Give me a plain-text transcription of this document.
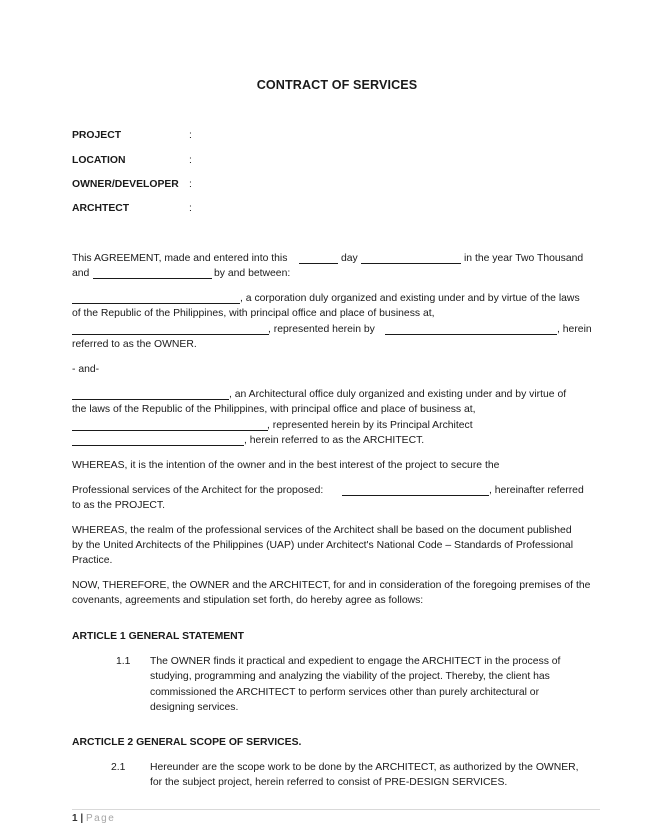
CONTRACT OF SERVICES
PROJECT	:
LOCATION	:
OWNER/DEVELOPER :
ARCHTECT	:
This AGREEMENT, made and entered into this	day	in the year Two Thousand
and	by and between:
, a corporation duly organized and existing under and by virtue of the laws
of the Republic of the Philippines, with principal office and place of business at,
, represented herein by	, herein
referred to as the OWNER.
- and-
, an Architectural office duly organized and existing under and by virtue of
the laws of the Republic of the Philippines, with principal office and place of business at,
, represented herein by its Principal Architect
, herein referred to as the ARCHITECT.
WHEREAS, it is the intention of the owner and in the best interest of the project to secure the
Professional services of the Architect for the proposed:	, hereinafter referred
to as the PROJECT.
WHEREAS, the realm of the professional services of the Architect shall be based on the document published
by the United Architects of the Philippines (UAP) under Architect's National Code – Standards of Professional
Practice.
NOW, THEREFORE, the OWNER and the ARCHITECT, for and in consideration of the foregoing premises of the
covenants, agreements and stipulation set forth, do hereby agree as follows:
ARTICLE 1 GENERAL STATEMENT
1.1 The OWNER finds it practical and expedient to engage the ARCHITECT in the process of
studying, programming and analyzing the viability of the project. Thereby, the client has
commissioned the ARCHITECT to perform services other than purely architectural or
designing services.
ARCTICLE 2 GENERAL SCOPE OF SERVICES.
2.1 Hereunder are the scope work to be done by the ARCHITECT, as authorized by the OWNER,
for the subject project, herein referred to consist of PRE-DESIGN SERVICES.
1 | Page
